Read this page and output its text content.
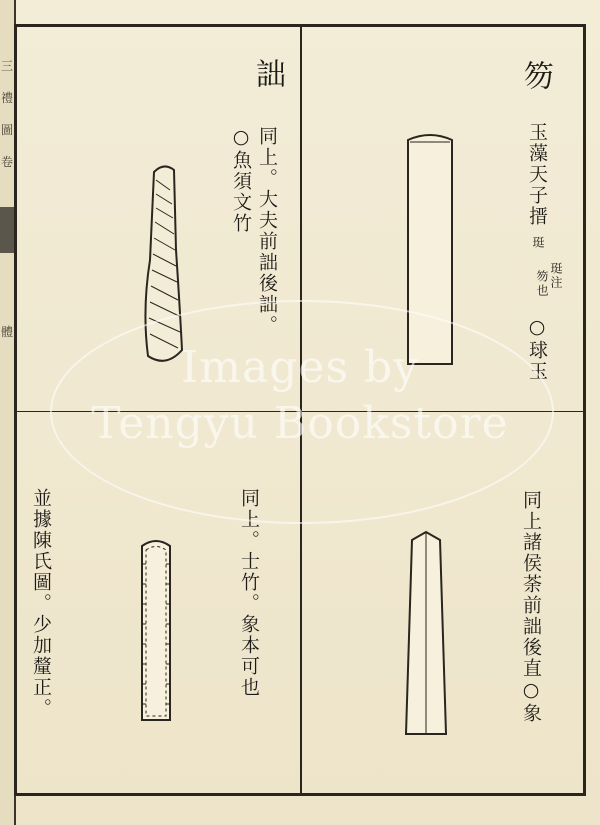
三
禮
圖
卷
體
笏
玉藻天子搢
珽
珽注
笏也
○球玉
詘
同上。大夫前詘後詘。
○魚須文竹
同上諸侯荼前詘後直○象
同上。士竹。象本可也
並據陳氏圖。少加釐正。
Images by
Tengyu Bookstore
